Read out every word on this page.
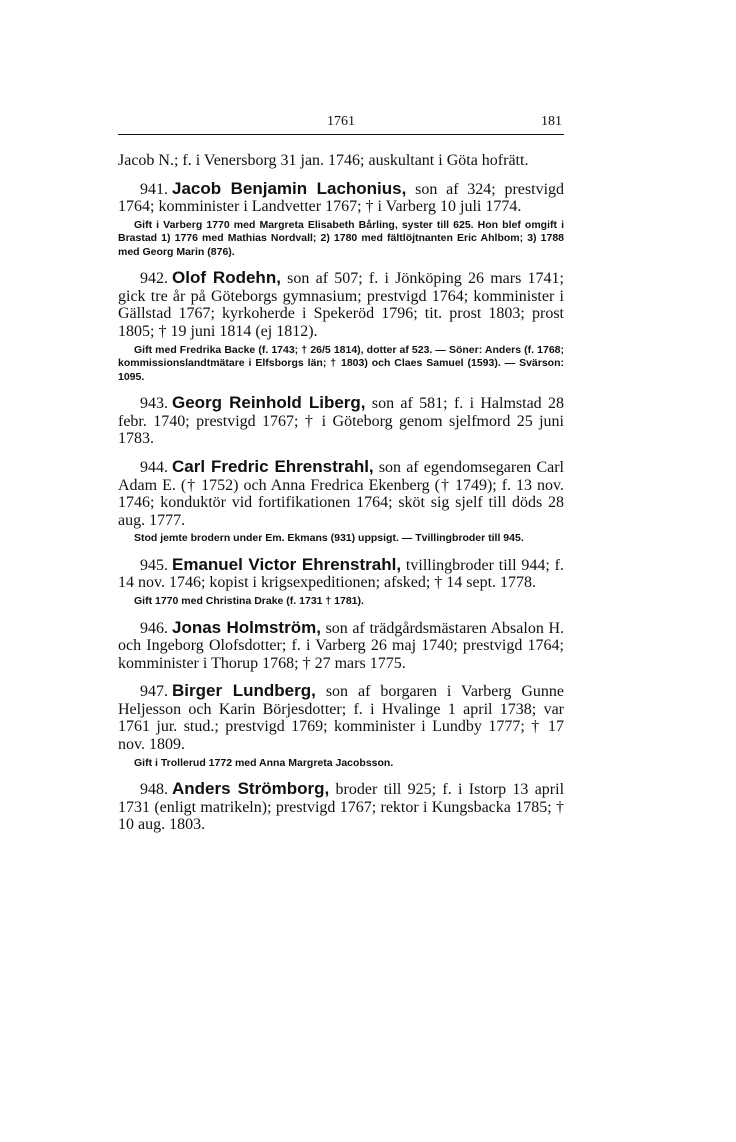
1761	181

Jacob N.; f. i Venersborg 31 jan. 1746; auskultant i Göta hofrätt.

941. Jacob Benjamin Lachonius, son af 324; prestvigd 1764; komminister i Landvetter 1767; † i Varberg 10 juli 1774.

Gift i Varberg 1770 med Margreta Elisabeth Bårling, syster till 625. Hon blef omgift i Brastad 1) 1776 med Mathias Nordvall; 2) 1780 med fältlöjtnanten Eric Ahlbom; 3) 1788 med Georg Marin (876).

942. Olof Rodehn, son af 507; f. i Jönköping 26 mars 1741; gick tre år på Göteborgs gymnasium; prestvigd 1764; komminister i Gällstad 1767; kyrkoherde i Spekeröd 1796; tit. prost 1803; prost 1805; † 19 juni 1814 (ej 1812).

Gift med Fredrika Backe (f. 1743; † 26/5 1814), dotter af 523. — Söner: Anders (f. 1768; kommissionslandtmätare i Elfsborgs län; † 1803) och Claes Samuel (1593). — Svärson: 1095.

943. Georg Reinhold Liberg, son af 581; f. i Halmstad 28 febr. 1740; prestvigd 1767; † i Göteborg genom sjelfmord 25 juni 1783.

944. Carl Fredric Ehrenstrahl, son af egendomsegaren Carl Adam E. († 1752) och Anna Fredrica Ekenberg († 1749); f. 13 nov. 1746; konduktör vid fortifikationen 1764; sköt sig sjelf till döds 28 aug. 1777.

Stod jemte brodern under Em. Ekmans (931) uppsigt. — Tvillingbroder till 945.

945. Emanuel Victor Ehrenstrahl, tvillingbroder till 944; f. 14 nov. 1746; kopist i krigsexpeditionen; afsked; † 14 sept. 1778.

Gift 1770 med Christina Drake (f. 1731 † 1781).

946. Jonas Holmström, son af trädgårdsmästaren Absalon H. och Ingeborg Olofsdotter; f. i Varberg 26 maj 1740; prestvigd 1764; komminister i Thorup 1768; † 27 mars 1775.

947. Birger Lundberg, son af borgaren i Varberg Gunne Heljesson och Karin Börjesdotter; f. i Hvalinge 1 april 1738; var 1761 jur. stud.; prestvigd 1769; komminister i Lundby 1777; † 17 nov. 1809.

Gift i Trollerud 1772 med Anna Margreta Jacobsson.

948. Anders Strömborg, broder till 925; f. i Istorp 13 april 1731 (enligt matrikeln); prestvigd 1767; rektor i Kungsbacka 1785; † 10 aug. 1803.
